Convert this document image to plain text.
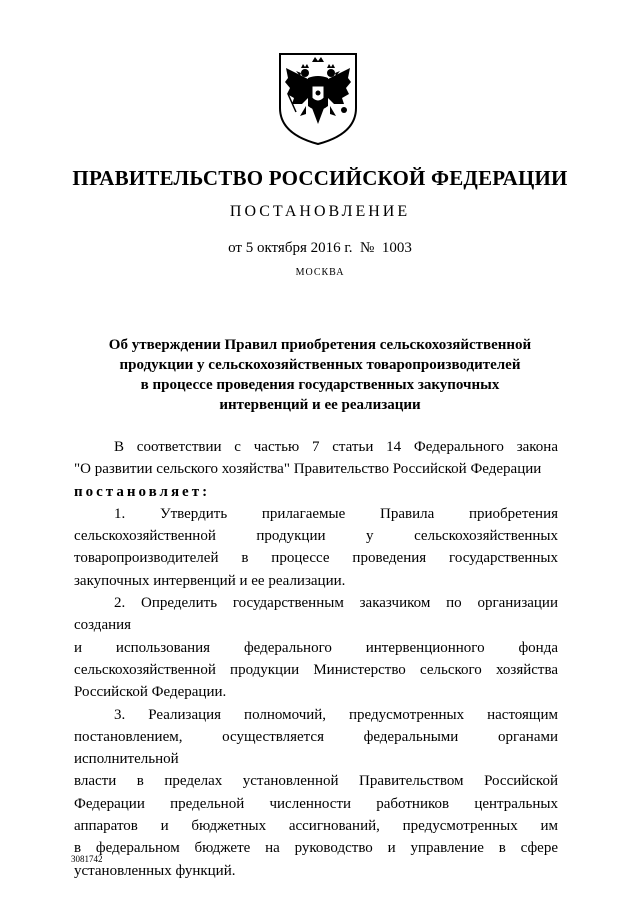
ПРАВИТЕЛЬСТВО РОССИЙСКОЙ ФЕДЕРАЦИИ
ПОСТАНОВЛЕНИЕ
от 5 октября 2016 г.  №  1003
МОСКВА
Об утверждении Правил приобретения сельскохозяйственной
продукции у сельскохозяйственных товаропроизводителей
в процессе проведения государственных закупочных
интервенций и ее реализации
В соответствии с частью 7 статьи 14 Федерального закона
"О развитии сельского хозяйства" Правительство Российской Федерации
постановляет:
1. Утвердить прилагаемые Правила приобретения
сельскохозяйственной продукции у сельскохозяйственных
товаропроизводителей в процессе проведения государственных
закупочных интервенций и ее реализации.
2. Определить государственным заказчиком по организации создания
и использования федерального интервенционного фонда
сельскохозяйственной продукции Министерство сельского хозяйства
Российской Федерации.
3. Реализация полномочий, предусмотренных настоящим
постановлением, осуществляется федеральными органами исполнительной
власти в пределах установленной Правительством Российской
Федерации предельной численности работников центральных
аппаратов и бюджетных ассигнований, предусмотренных им
в федеральном бюджете на руководство и управление в сфере
установленных функций.
3081742
